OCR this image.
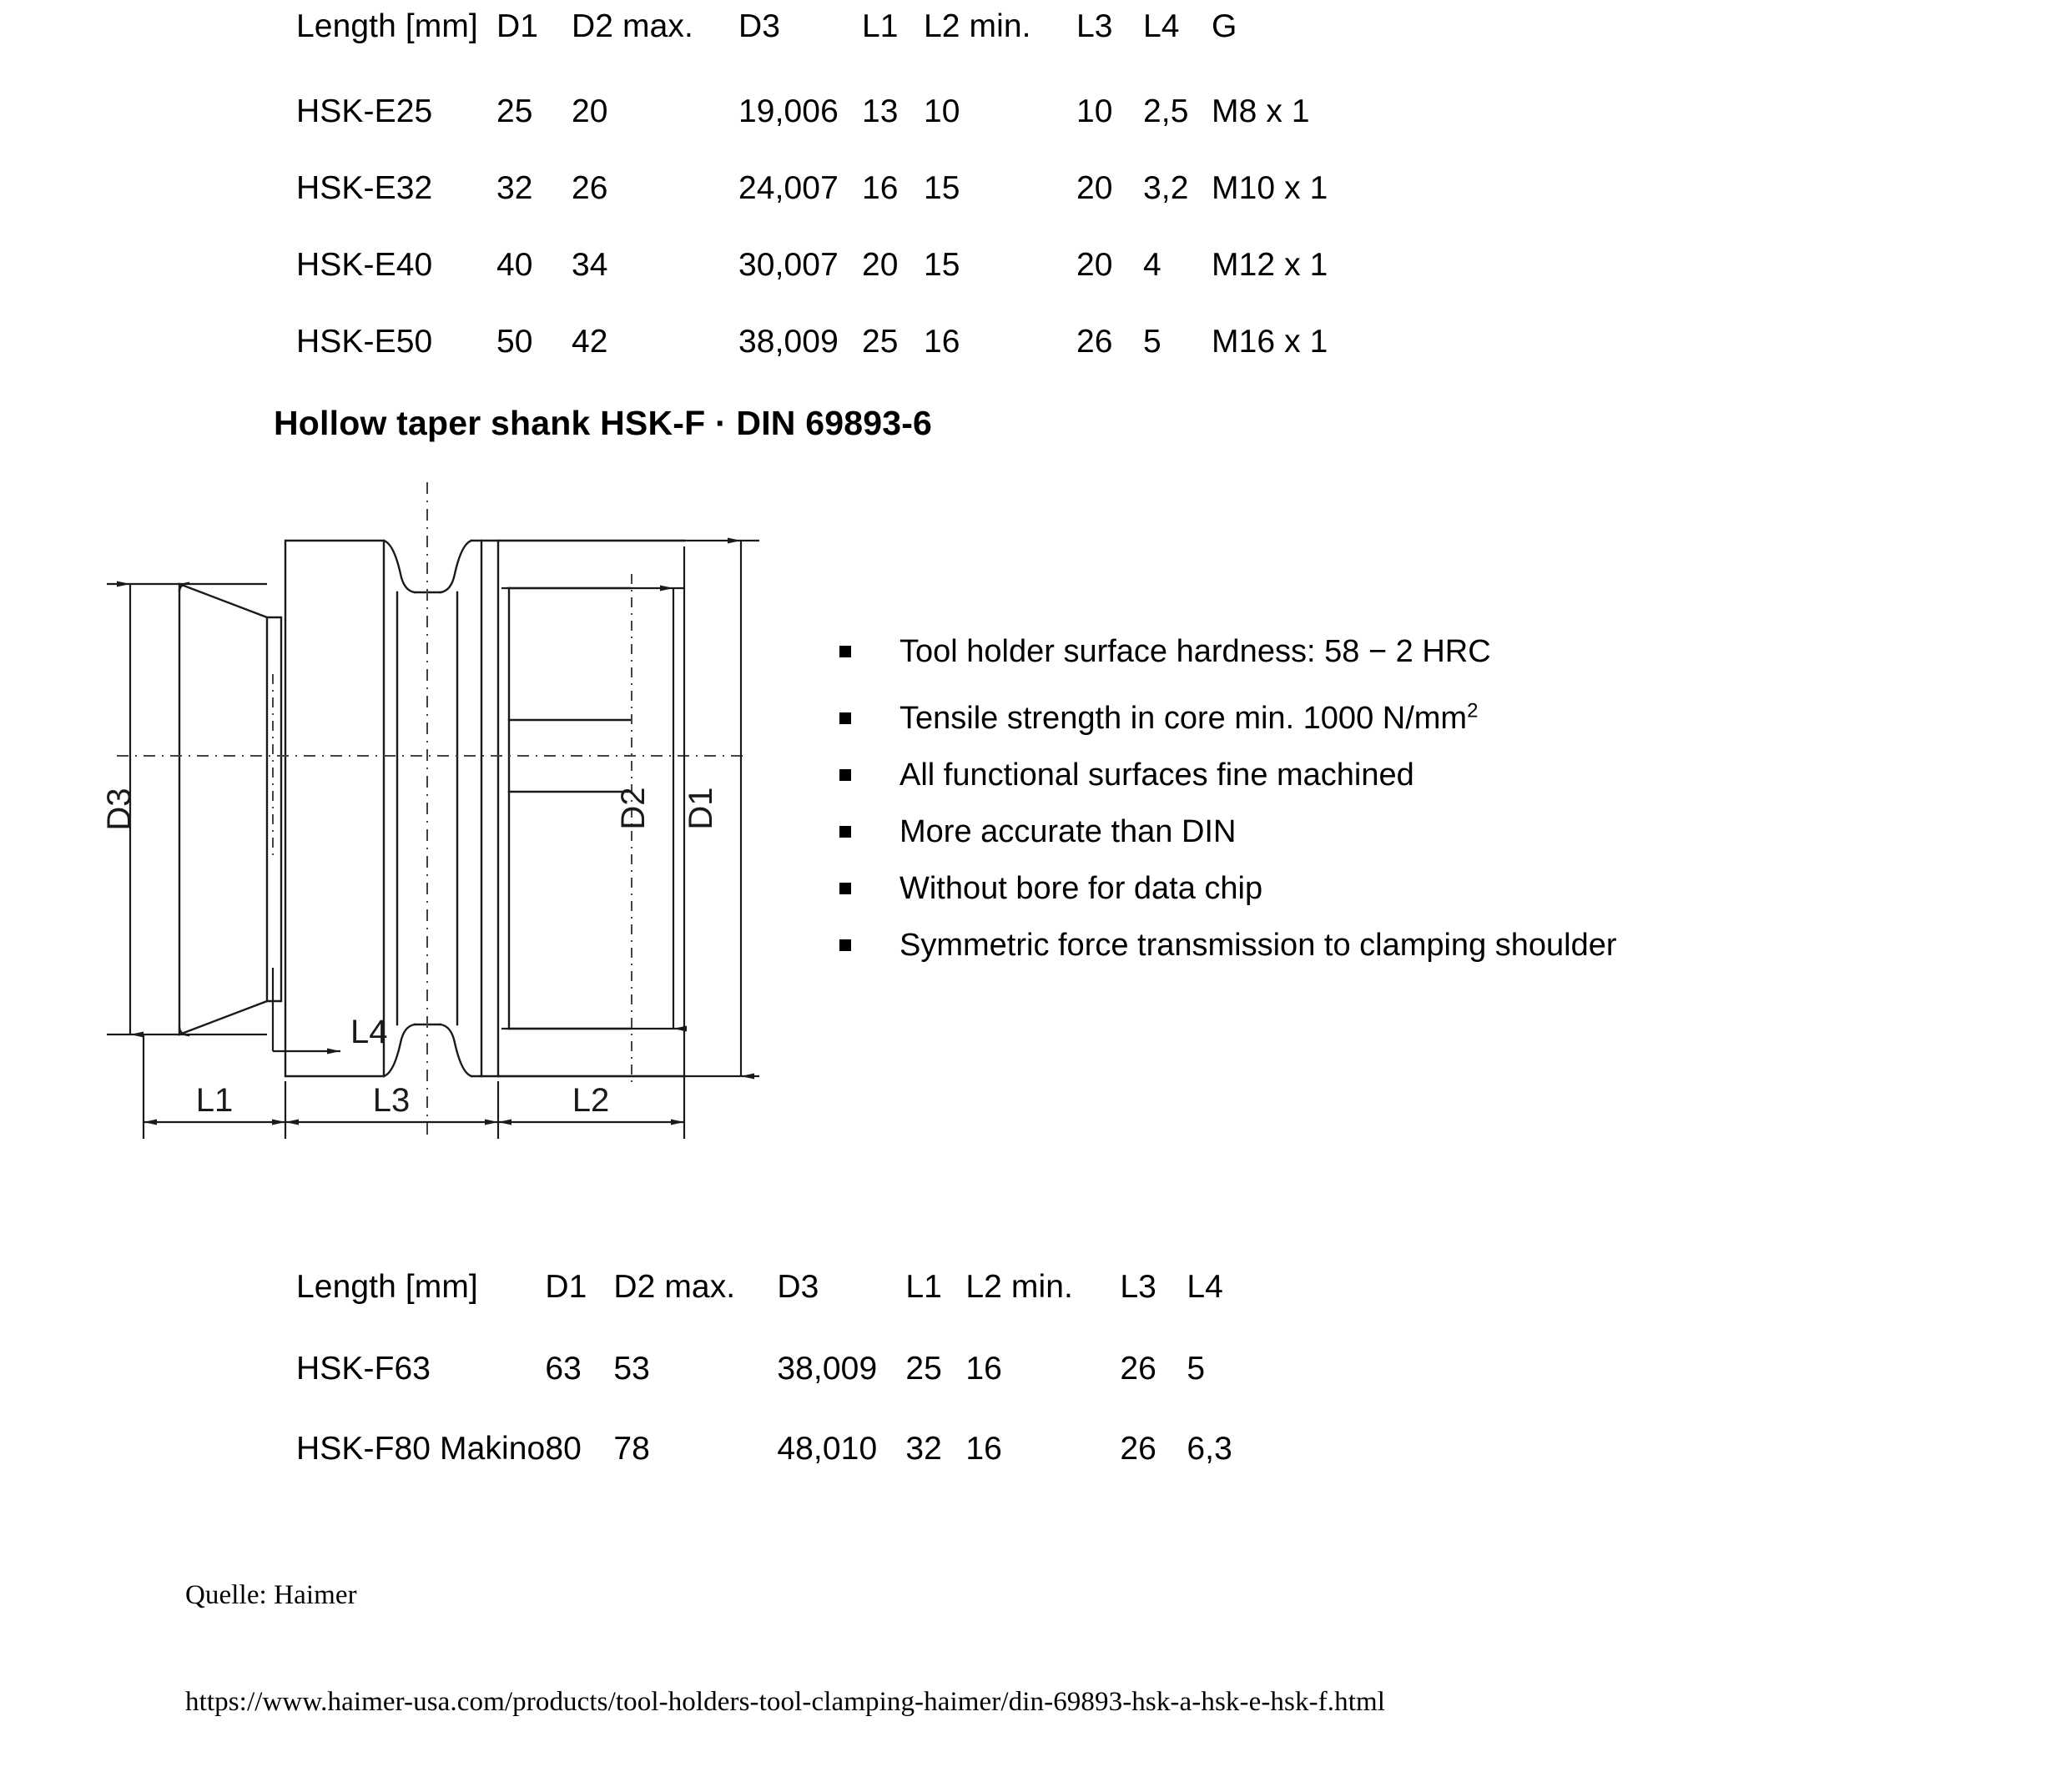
Length [mm]	D1	D2 max.	D3	L1	L2 min.	L3	L4	G
HSK-E25	25	20	19,006	13	10	10	2,5	M8 x 1
HSK-E32	32	26	24,007	16	15	20	3,2	M10 x 1
HSK-E40	40	34	30,007	20	15	20	4	M12 x 1
HSK-E50	50	42	38,009	25	16	26	5	M16 x 1
Hollow taper shank HSK-F · DIN 69893-6
D3	D2 D1
L4
L1	L3	L2
Tool holder surface hardness: 58 − 2 HRC
Tensile strength in core min. 1000 $N/mm^2$
All functional surfaces fine machined
More accurate than DIN
Without bore for data chip
Symmetric force transmission to clamping shoulder
Length [mm]	D1	D2 max.	D3	L1	L2 min.	L3	L4
HSK-F63	63	53	38,009	25	16	26	5
HSK-F80 Makino	80	78	48,010	32	16	26	6,3

Quelle: Haimer

https://www.haimer-usa.com/products/tool-holders-tool-clamping-haimer/din-69893-hsk-a-hsk-e-hsk-f.html
